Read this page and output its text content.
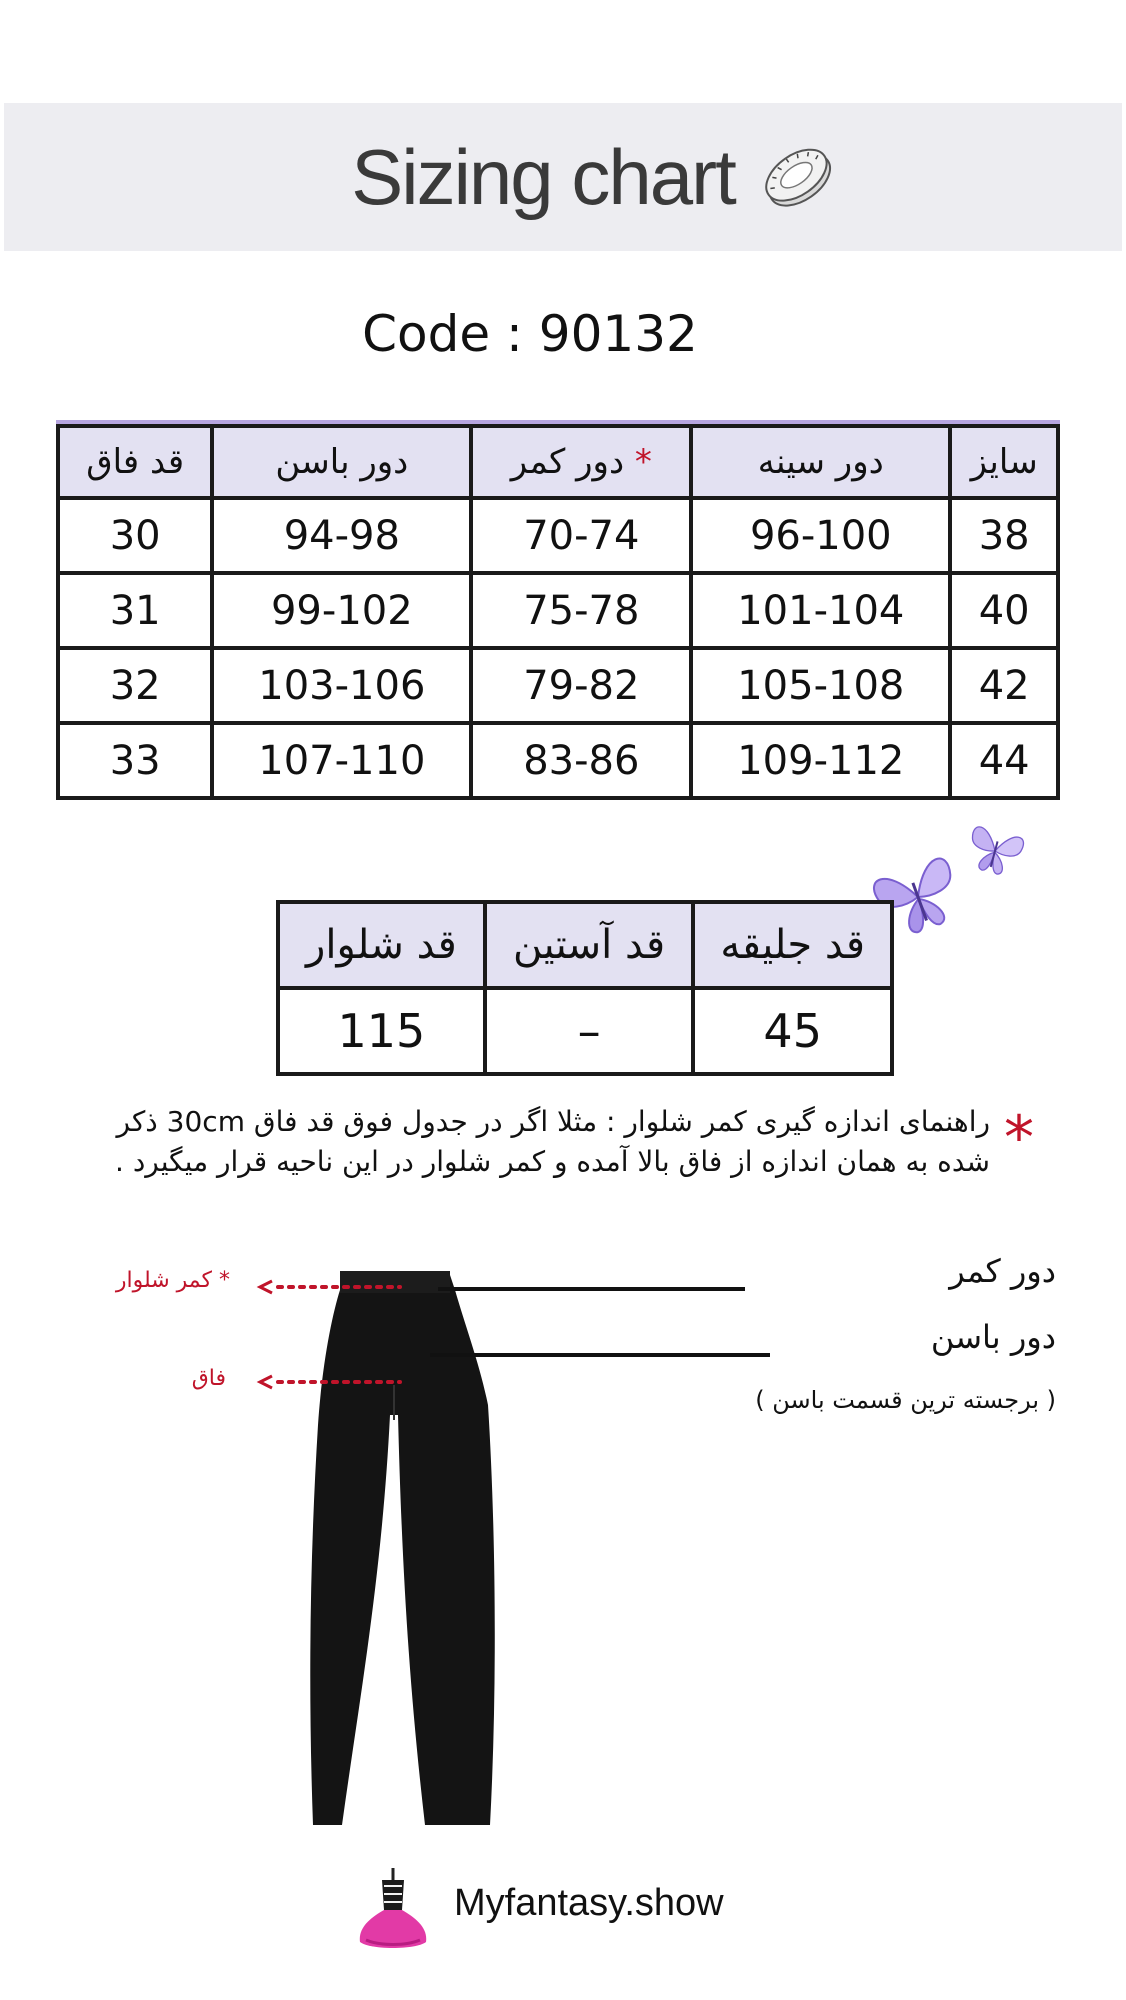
Sizing chart
Code : 90132
قد فاق	دور باسن	دور کمر *	دور سینه	سایز
30	94-98	70-74	96-100	38
31	99-102	75-78	101-104	40
32	103-106	79-82	105-108	42
33	107-110	83-86	109-112	44
قد شلوار	قد آستین	قد جلیقه
115	–	45
*
راهنمای اندازه گیری کمر شلوار : مثلا اگر در جدول فوق قد فاق 30cm ذکر شده به همان اندازه از فاق بالا آمده و کمر شلوار در این ناحیه قرار میگیرد .
دور کمر
دور باسن
( برجسته ترین قسمت باسن )
* کمر شلوار
فاق
Myfantasy.show
